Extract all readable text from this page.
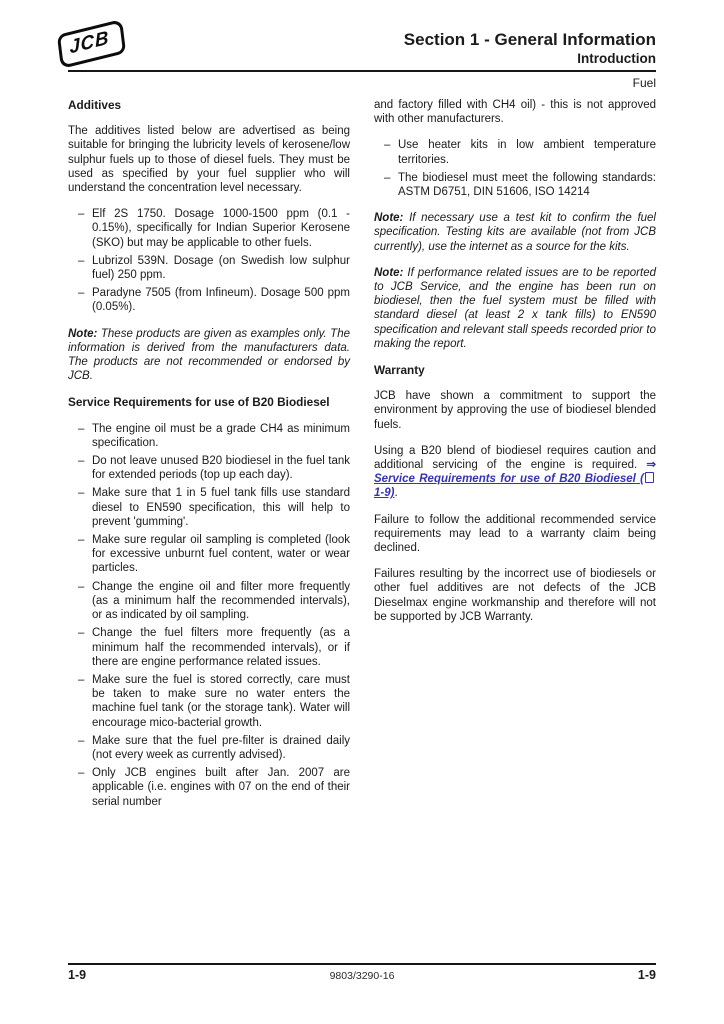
JCB	Section 1 - General Information
Introduction
Fuel
Additives

The additives listed below are advertised as being suitable for bringing the lubricity levels of kerosene/low sulphur fuels up to those of diesel fuels. They must be used as specified by your fuel supplier who will understand the concentration level necessary.

– Elf 2S 1750. Dosage 1000-1500 ppm (0.1 - 0.15%), specifically for Indian Superior Kerosene (SKO) but may be applicable to other fuels.
– Lubrizol 539N. Dosage (on Swedish low sulphur fuel) 250 ppm.
– Paradyne 7505 (from Infineum). Dosage 500 ppm (0.05%).

Note: These products are given as examples only. The information is derived from the manufacturers data. The products are not recommended or endorsed by JCB.

Service Requirements for use of B20 Biodiesel
– The engine oil must be a grade CH4 as minimum specification.
– Do not leave unused B20 biodiesel in the fuel tank for extended periods (top up each day).
– Make sure that 1 in 5 fuel tank fills use standard diesel to EN590 specification, this will help to prevent 'gumming'.
– Make sure regular oil sampling is completed (look for excessive unburnt fuel content, water or wear particles.
– Change the engine oil and filter more frequently (as a minimum half the recommended intervals), or as indicated by oil sampling.
– Change the fuel filters more frequently (as a minimum half the recommended intervals), or if there are engine performance related issues.
– Make sure the fuel is stored correctly, care must be taken to make sure no water enters the machine fuel tank (or the storage tank). Water will encourage mico-bacterial growth.
– Make sure that the fuel pre-filter is drained daily (not every week as currently advised).
– Only JCB engines built after Jan. 2007 are applicable (i.e. engines with 07 on the end of their serial number

and factory filled with CH4 oil) - this is not approved with other manufacturers.

– Use heater kits in low ambient temperature territories.
– The biodiesel must meet the following standards: ASTM D6751, DIN 51606, ISO 14214

Note: If necessary use a test kit to confirm the fuel specification. Testing kits are available (not from JCB currently), use the internet as a source for the kits.

Note: If performance related issues are to be reported to JCB Service, and the engine has been run on biodiesel, then the fuel system must be filled with standard diesel (at least 2 x tank fills) to EN590 specification and relevant stall speeds recorded prior to making the report.

Warranty

JCB have shown a commitment to support the environment by approving the use of biodiesel blended fuels.

Using a B20 blend of biodiesel requires caution and additional servicing of the engine is required. ⇒ Service Requirements for use of B20 Biodiesel (1-9).

Failure to follow the additional recommended service requirements may lead to a warranty claim being declined.

Failures resulting by the incorrect use of biodiesels or other fuel additives are not defects of the JCB Dieselmax engine workmanship and therefore will not be supported by JCB Warranty.

1-9	9803/3290-16	1-9
